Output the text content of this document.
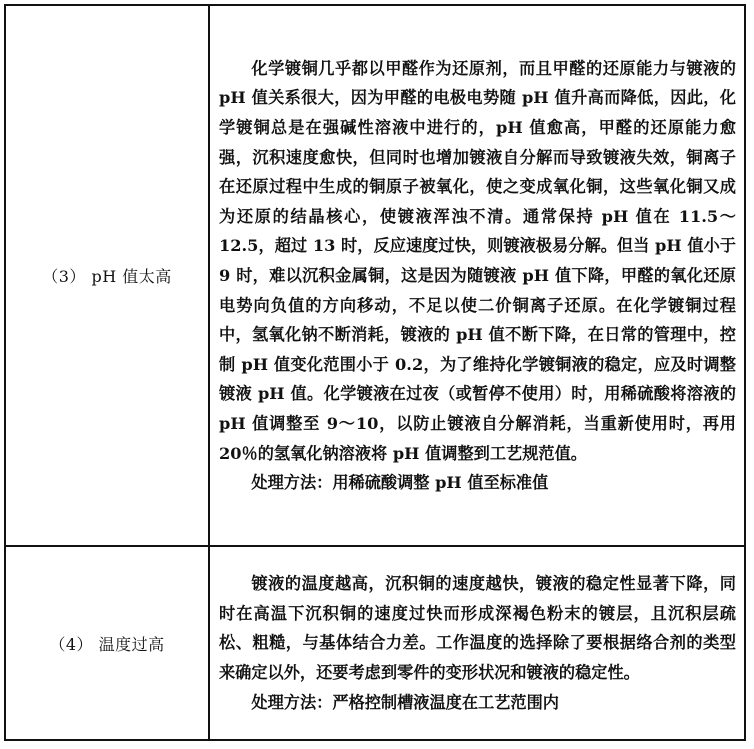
（3） pH 值太高	化学镀铜几乎都以甲醛作为还原剂，而且甲醛的还原能力与镀液的 pH 值关系很大，因为甲醛的电极电势随 pH 值升高而降低，因此，化学镀铜总是在强碱性溶液中进行的，pH 值愈高，甲醛的还原能力愈强，沉积速度愈快，但同时也增加镀液自分解而导致镀液失效，铜离子在还原过程中生成的铜原子被氧化，使之变成氧化铜，这些氧化铜又成为还原的结晶核心，使镀液浑浊不清。通常保持 pH 值在 11.5～12.5，超过 13 时，反应速度过快，则镀液极易分解。但当 pH 值小于 9 时，难以沉积金属铜，这是因为随镀液 pH 值下降，甲醛的氧化还原电势向负值的方向移动，不足以使二价铜离子还原。在化学镀铜过程中，氢氧化钠不断消耗，镀液的 pH 值不断下降，在日常的管理中，控制 pH 值变化范围小于 0.2，为了维持化学镀铜液的稳定，应及时调整镀液 pH 值。化学镀液在过夜（或暂停不使用）时，用稀硫酸将溶液的 pH 值调整至 9～10，以防止镀液自分解消耗，当重新使用时，再用 20％的氢氧化钠溶液将 pH 值调整到工艺规范值。

处理方法：用稀硫酸调整 pH 值至标准值

（4） 温度过高	镀液的温度越高，沉积铜的速度越快，镀液的稳定性显著下降，同时在高温下沉积铜的速度过快而形成深褐色粉末的镀层，且沉积层疏松、粗糙，与基体结合力差。工作温度的选择除了要根据络合剂的类型来确定以外，还要考虑到零件的变形状况和镀液的稳定性。

处理方法：严格控制槽液温度在工艺范围内
